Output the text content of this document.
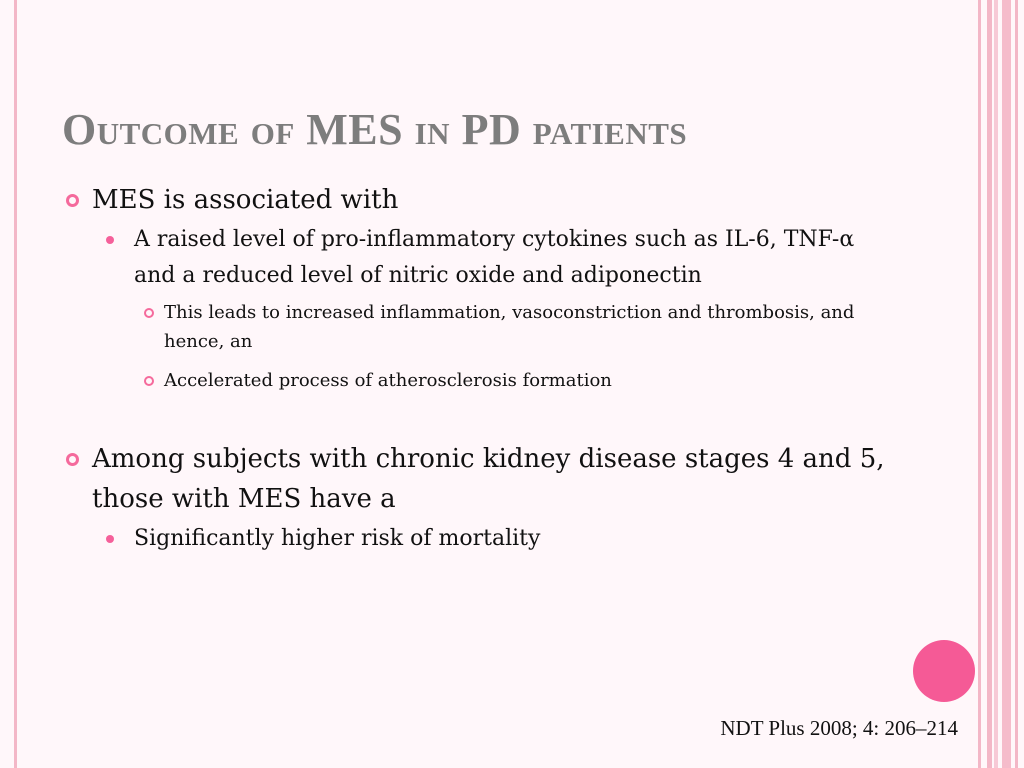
Outcome of MES in PD patients
MES is associated with
A raised level of pro-inflammatory cytokines such as IL-6, TNF-α and a reduced level of nitric oxide and adiponectin
This leads to increased inflammation, vasoconstriction and thrombosis, and hence, an
Accelerated process of atherosclerosis formation
Among subjects with chronic kidney disease stages 4 and 5, those with MES have a
Significantly higher risk of mortality
NDT Plus 2008; 4: 206–214
